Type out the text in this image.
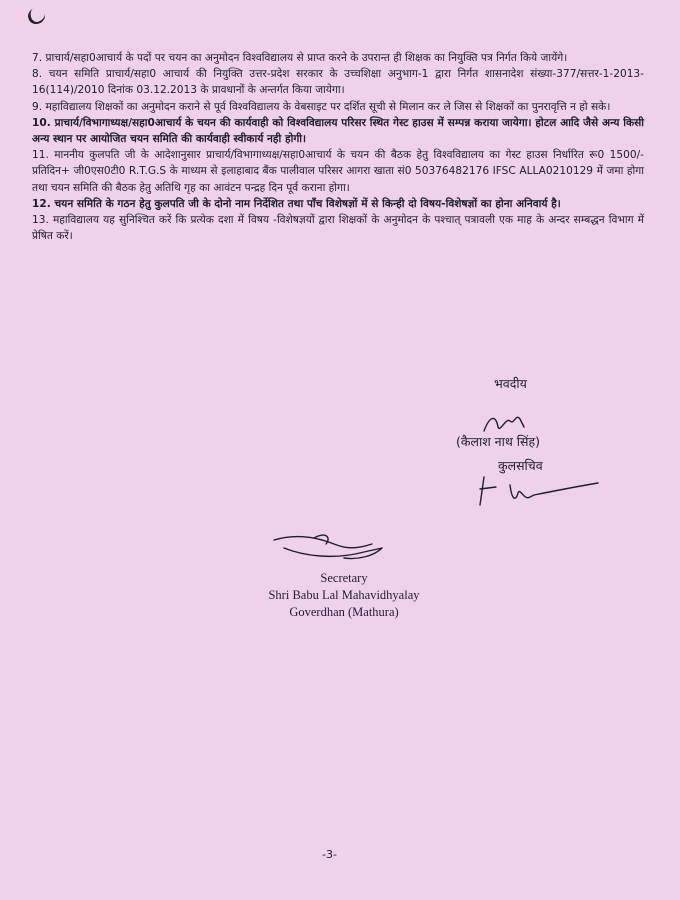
7. प्राचार्य/सहा0आचार्य के पदों पर चयन का अनुमोदन विश्वविद्यालय से प्राप्त करने के उपरान्त ही शिक्षक का नियुक्ति पत्र निर्गत किये जायेंगे।

8. चयन समिति प्राचार्य/सहा0 आचार्य की नियुक्ति उत्तर-प्रदेश सरकार के उच्चशिक्षा अनुभाग-1 द्वारा निर्गत शासनादेश संख्या-377/सत्तर-1-2013-16(114)/2010 दिनांक 03.12.2013 के प्रावधानों के अन्तर्गत किया जायेगा।

9. महाविद्यालय शिक्षकों का अनुमोदन कराने से पूर्व विश्वविद्यालय के वेबसाइट पर दर्शित सूची से मिलान कर ले जिस से शिक्षकों का पुनरावृत्ति न हो सके।

10. प्राचार्य/विभागाध्यक्ष/सहा0आचार्य के चयन की कार्यवाही को विश्वविद्यालय परिसर स्थित गेस्ट हाउस में सम्पन्न कराया जायेगा। होटल आदि जैसे अन्य किसी अन्य स्थान पर आयोजित चयन समिति की कार्यवाही स्वीकार्य नही होगी।

11. माननीय कुलपति जी के आदेशानुसार प्राचार्य/विभागाध्यक्ष/सहा0आचार्य के चयन की बैठक हेतु विश्वविद्यालय का गेस्ट हाउस निर्धारित रू0 1500/-प्रतिदिन+ जी0एस0टी0 R.T.G.S के माध्यम से इलाहाबाद बैंक पालीवाल परिसर आगरा खाता सं0 50376482176 IFSC ALLA0210129 में जमा होगा तथा चयन समिति की बैठक हेतु अतिथि गृह का आवंटन पन्द्रह दिन पूर्व कराना होगा।

12. चयन समिति के गठन हेतु कुलपति जी के दोनो नाम निर्देशित तथा पाँच विशेषज्ञों में से किन्ही दो विषय-विशेषज्ञों का होना अनिवार्य है।

13. महाविद्यालय यह सुनिश्चित करें कि प्रत्येक दशा में विषय -विशेषज्ञयों द्वारा शिक्षकों के अनुमोदन के पश्चात् पत्रावली एक माह के अन्दर सम्बद्धन विभाग में प्रेषित करें।

भवदीय
(कैलाश नाथ सिंह)
कुलसचिव
Secretary
Shri Babu Lal Mahavidhyalay
Goverdhan (Mathura)
-3-
